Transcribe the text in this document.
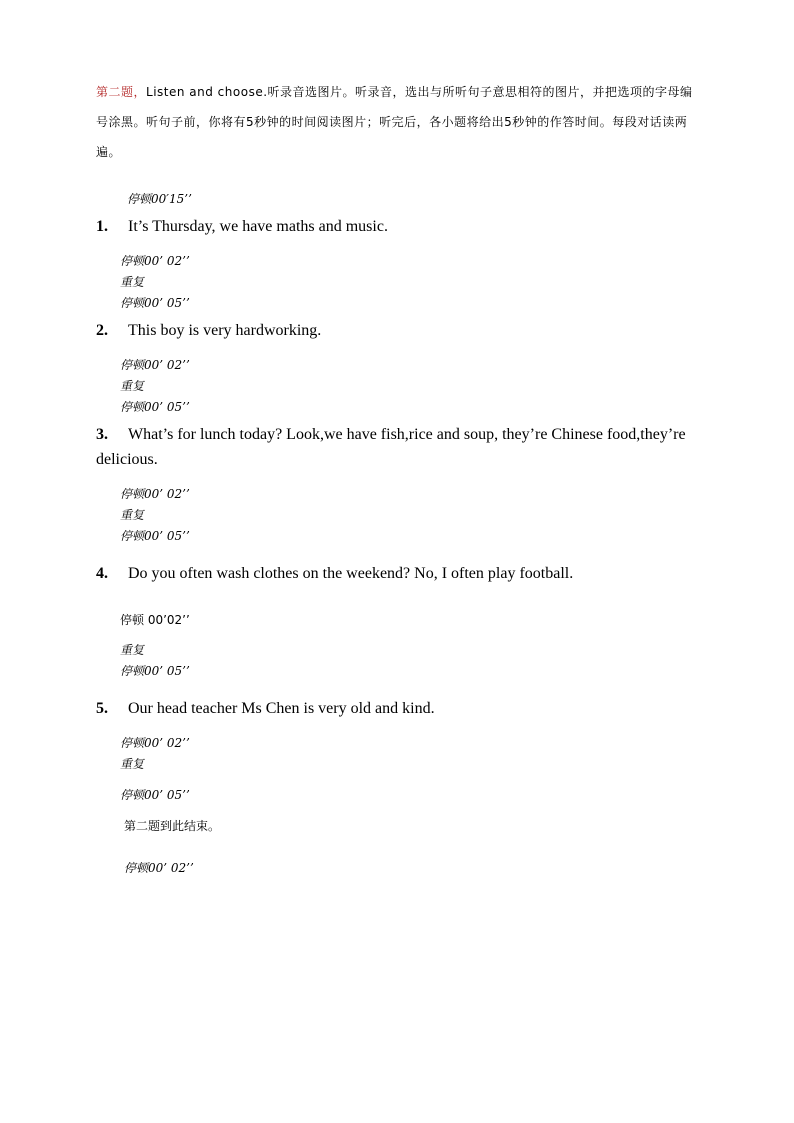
第二题，Listen and choose.听录音选图片。听录音，选出与所听句子意思相符的图片，并把选项的字母编号涂黑。听句子前，你将有5秒钟的时间阅读图片；听完后，各小题将给出5秒钟的作答时间。每段对话读两遍。
停顿00′15’’
1. It’s Thursday, we have maths and music.
停顿00’ 02’’
重复
停顿00’ 05’’
2. This boy is very hardworking.
停顿00’ 02’’
重复
停顿00’ 05’’
3. What’s for lunch today? Look,we have fish,rice and soup, they’re Chinese food,they’re delicious.
停顿00’ 02’’
重复
停顿00’ 05’’
4. Do you often wash clothes on the weekend? No, I often play football.
停顿 00’02’’
重复
停顿00’ 05’’
5. Our head teacher Ms Chen is very old and kind.
停顿00’ 02’’
重复
停顿00’ 05’’
第二题到此结束。
停顿00’ 02’’
